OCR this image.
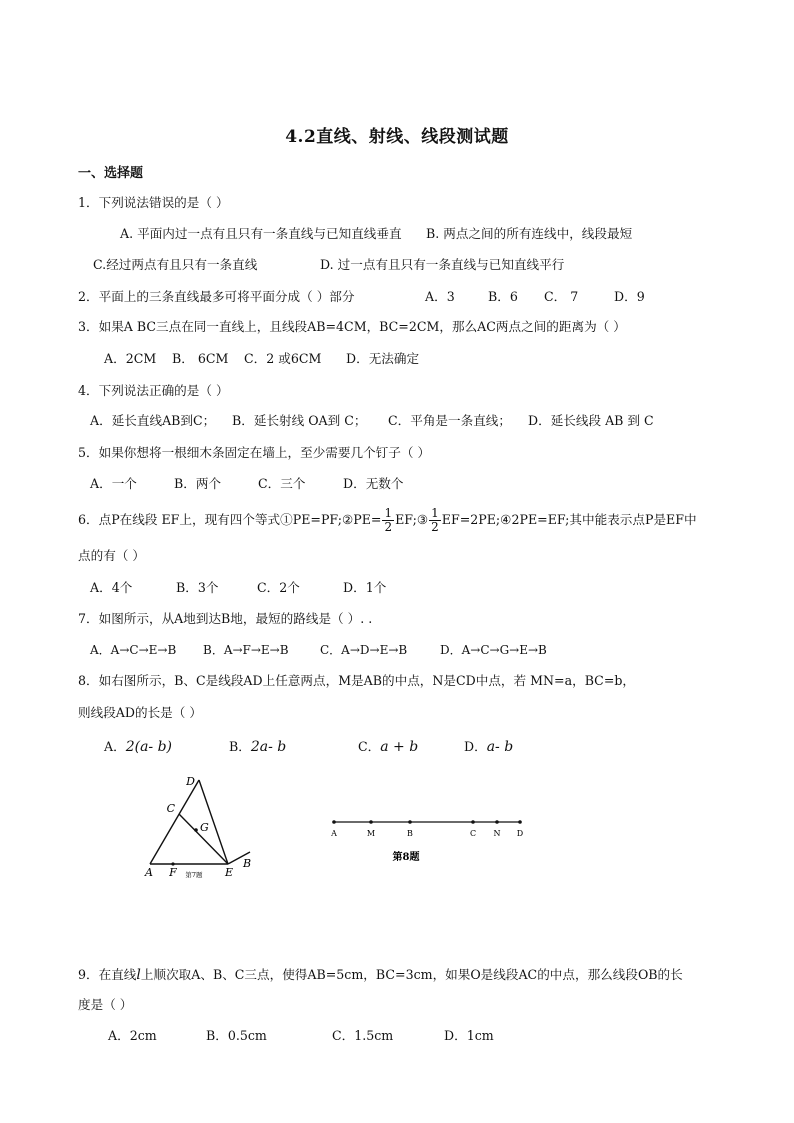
4.2直线、射线、线段测试题
一、选择题
1．下列说法错误的是（ ）
A. 平面内过一点有且只有一条直线与已知直线垂直 B. 两点之间的所有连线中，线段最短
C.经过两点有且只有一条直线	D. 过一点有且只有一条直线与已知直线平行
2．平面上的三条直线最多可将平面分成（ ）部分	A．3	B．6 C． 7	D．9
3．如果A BC三点在同一直线上，且线段AB=4CM，BC=2CM，那么AC两点之间的距离为（ ）
A．2CM B． 6CM C．2 或6CM D．无法确定
4．下列说法正确的是（ ）
A．延长直线AB到C； B．延长射线 OA到 C； C．平角是一条直线； D．延长线段 AB 到 C
5．如果你想将一根细木条固定在墙上，至少需要几个钉子（ ）
A．一个	B．两个	C．三个	D．无数个
6．点P在线段 EF上，现有四个等式①PE=PF;②PE= $\frac{1}{2}$ EF;③ $\frac{1}{2}$ EF=2PE;④2PE=EF;其中能表示点P是EF中
点的有（ ）
A．4个	B．3个	C．2个	D．1个
7．如图所示，从A地到达B地，最短的路线是（ ）. .
A．A→C→E→B B．A→F→E→B	C．A→D→E→B	D．A→C→G→E→B
8．如右图所示，B、C是线段AD上任意两点，M是AB的中点，N是CD中点，若 MN=a，BC=b，
则线段AD的长是（ ）
A．2(a- b)	B．2a- b	C．a + b	D．a- b
D
C
G
A F	E
B
第7题
A	M	B	C N D
第8题
9．在直线l上顺次取A、B、C三点，使得AB=5cm，BC=3cm，如果O是线段AC的中点，那么线段OB的长
度是（ ）
A．2cm	B．0.5cm	C．1.5cm	D．1cm
